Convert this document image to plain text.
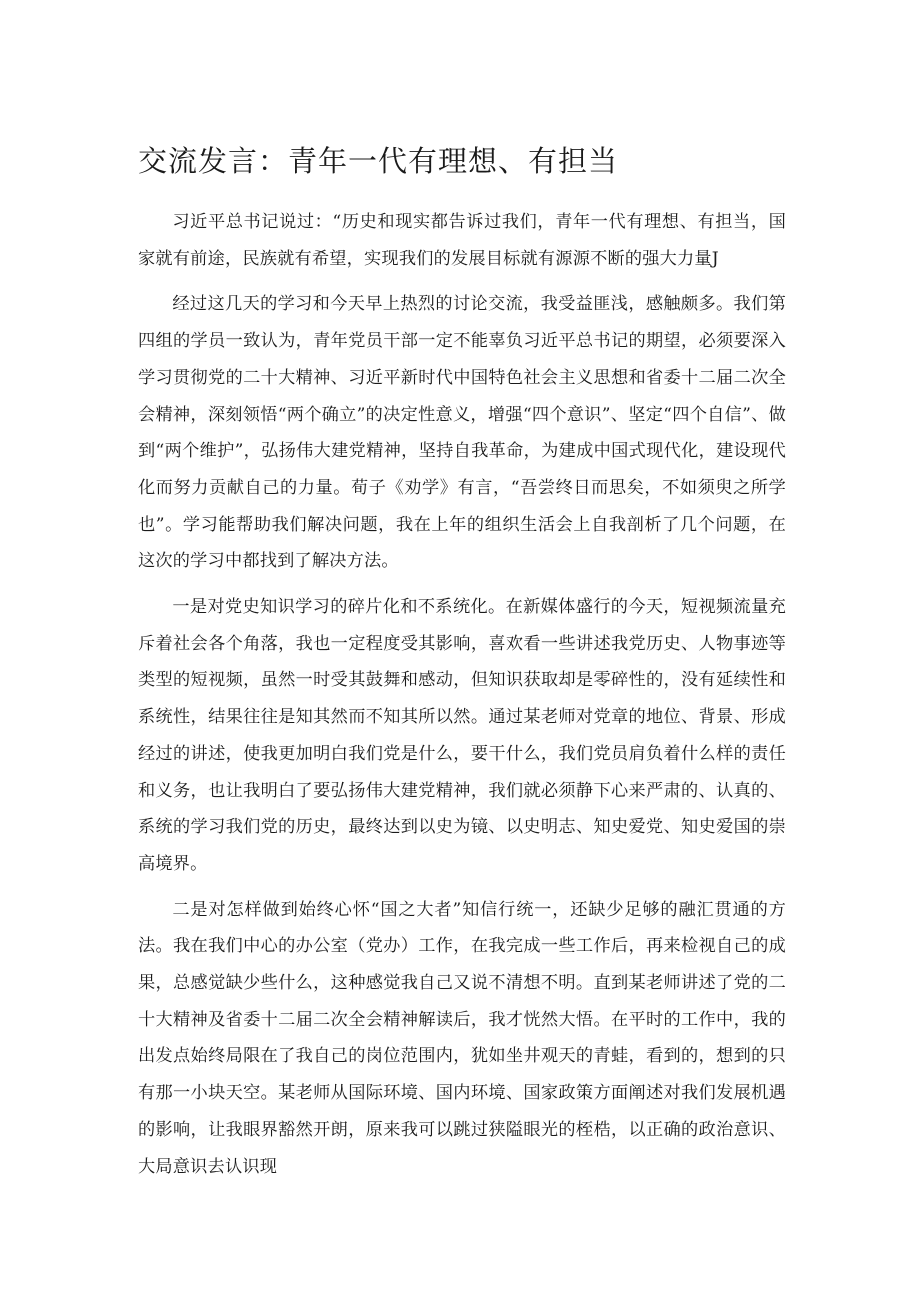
交流发言：青年一代有理想、有担当

习近平总书记说过：“历史和现实都告诉过我们，青年一代有理想、有担当，国家就有前途，民族就有希望，实现我们的发展目标就有源源不断的强大力量J

经过这几天的学习和今天早上热烈的讨论交流，我受益匪浅，感触颇多。我们第四组的学员一致认为，青年党员干部一定不能辜负习近平总书记的期望，必须要深入学习贯彻党的二十大精神、习近平新时代中国特色社会主义思想和省委十二届二次全会精神，深刻领悟“两个确立”的决定性意义，增强“四个意识”、坚定“四个自信”、做到“两个维护”，弘扬伟大建党精神，坚持自我革命，为建成中国式现代化，建设现代化而努力贡献自己的力量。荀子《劝学》有言，“吾尝终日而思矣，不如须臾之所学也”。学习能帮助我们解决问题，我在上年的组织生活会上自我剖析了几个问题，在这次的学习中都找到了解决方法。

一是对党史知识学习的碎片化和不系统化。在新媒体盛行的今天，短视频流量充斥着社会各个角落，我也一定程度受其影响，喜欢看一些讲述我党历史、人物事迹等类型的短视频，虽然一时受其鼓舞和感动，但知识获取却是零碎性的，没有延续性和系统性，结果往往是知其然而不知其所以然。通过某老师对党章的地位、背景、形成经过的讲述，使我更加明白我们党是什么，要干什么，我们党员肩负着什么样的责任和义务，也让我明白了要弘扬伟大建党精神，我们就必须静下心来严肃的、认真的、系统的学习我们党的历史，最终达到以史为镜、以史明志、知史爱党、知史爱国的崇高境界。

二是对怎样做到始终心怀“国之大者”知信行统一，还缺少足够的融汇贯通的方法。我在我们中心的办公室（党办）工作，在我完成一些工作后，再来检视自己的成果，总感觉缺少些什么，这种感觉我自己又说不清想不明。直到某老师讲述了党的二十大精神及省委十二届二次全会精神解读后，我才恍然大悟。在平时的工作中，我的出发点始终局限在了我自己的岗位范围内，犹如坐井观天的青蛙，看到的，想到的只有那一小块天空。某老师从国际环境、国内环境、国家政策方面阐述对我们发展机遇的影响，让我眼界豁然开朗，原来我可以跳过狭隘眼光的桎梏，以正确的政治意识、大局意识去认识现
